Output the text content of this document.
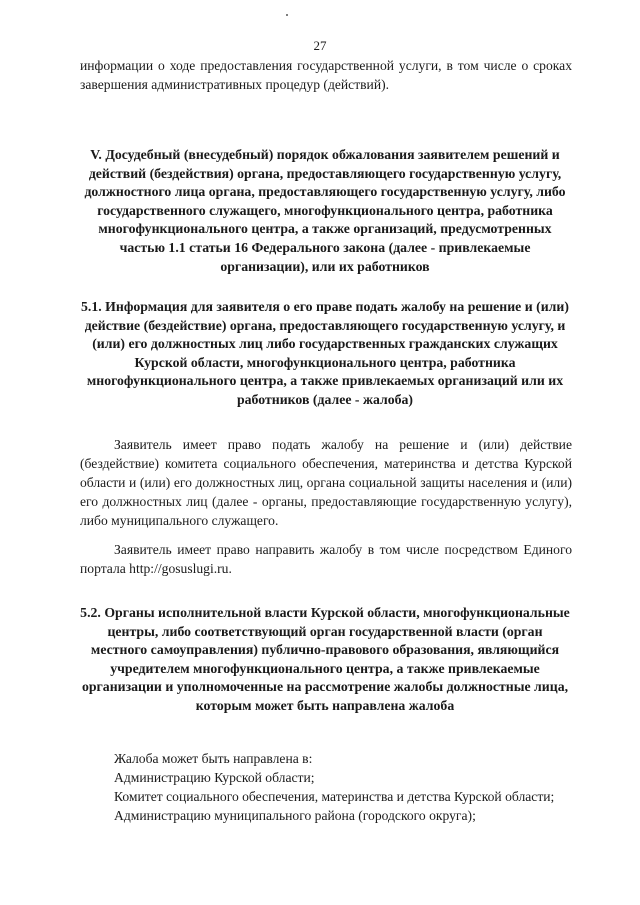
27
информации о ходе предоставления государственной услуги, в том числе о сроках завершения административных процедур (действий).
V. Досудебный (внесудебный) порядок обжалования заявителем решений и действий (бездействия) органа, предоставляющего государственную услугу, должностного лица органа, предоставляющего государственную услугу, либо государственного служащего, многофункционального центра, работника многофункционального центра, а также организаций, предусмотренных частью 1.1 статьи 16 Федерального закона (далее - привлекаемые организации), или их работников
5.1. Информация для заявителя о его праве подать жалобу на решение и (или) действие (бездействие) органа, предоставляющего государственную услугу, и (или) его должностных лиц либо государственных гражданских служащих Курской области, многофункционального центра, работника многофункционального центра, а также привлекаемых организаций или их работников (далее - жалоба)
Заявитель имеет право подать жалобу на решение и (или) действие (бездействие) комитета социального обеспечения, материнства и детства Курской области и (или) его должностных лиц, органа социальной защиты населения и (или) его должностных лиц (далее - органы, предоставляющие государственную услугу), либо муниципального служащего.
Заявитель имеет право направить жалобу в том числе посредством Единого портала http://gosuslugi.ru.
5.2. Органы исполнительной власти Курской области, многофункциональные центры, либо соответствующий орган государственной власти (орган местного самоуправления) публично-правового образования, являющийся учредителем многофункционального центра, а также привлекаемые организации и уполномоченные на рассмотрение жалобы должностные лица, которым может быть направлена жалоба
Жалоба может быть направлена в:
Администрацию Курской области;
Комитет социального обеспечения, материнства и детства Курской области;
Администрацию муниципального района (городского округа);
